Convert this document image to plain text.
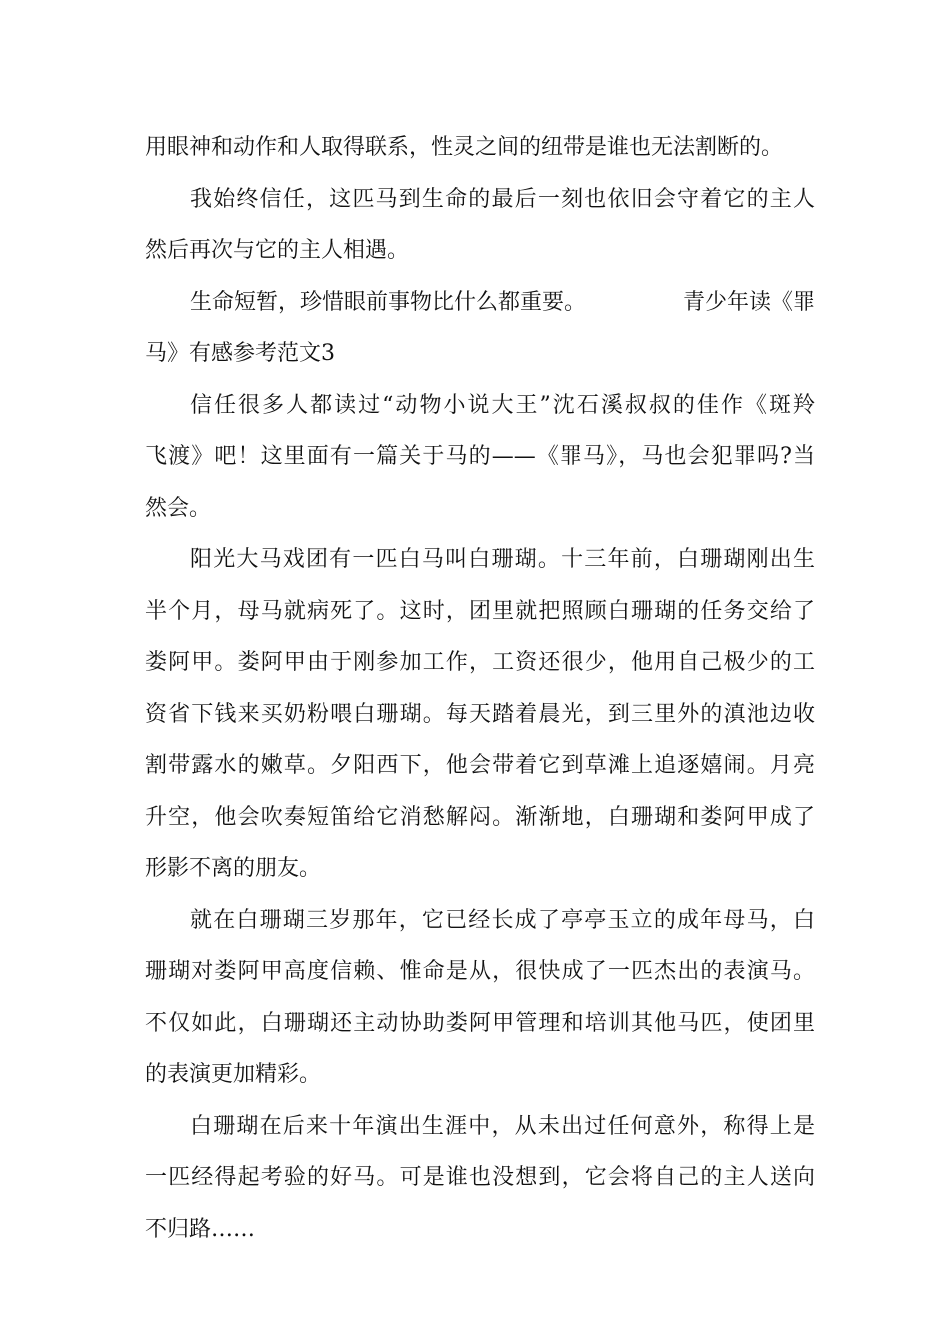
用眼神和动作和人取得联系，性灵之间的纽带是谁也无法割断的。
我始终信任，这匹马到生命的最后一刻也依旧会守着它的主人
然后再次与它的主人相遇。
生命短暂，珍惜眼前事物比什么都重要。	青少年读《罪
马》有感参考范文3
信任很多人都读过“动物小说大王”沈石溪叔叔的佳作《斑羚
飞渡》吧！这里面有一篇关于马的——《罪马》，马也会犯罪吗?当
然会。
阳光大马戏团有一匹白马叫白珊瑚。十三年前，白珊瑚刚出生
半个月，母马就病死了。这时，团里就把照顾白珊瑚的任务交给了
娄阿甲。娄阿甲由于刚参加工作，工资还很少，他用自己极少的工
资省下钱来买奶粉喂白珊瑚。每天踏着晨光，到三里外的滇池边收
割带露水的嫩草。夕阳西下，他会带着它到草滩上追逐嬉闹。月亮
升空，他会吹奏短笛给它消愁解闷。渐渐地，白珊瑚和娄阿甲成了
形影不离的朋友。
就在白珊瑚三岁那年，它已经长成了亭亭玉立的成年母马，白
珊瑚对娄阿甲高度信赖、惟命是从，很快成了一匹杰出的表演马。
不仅如此，白珊瑚还主动协助娄阿甲管理和培训其他马匹，使团里
的表演更加精彩。
白珊瑚在后来十年演出生涯中，从未出过任何意外，称得上是
一匹经得起考验的好马。可是谁也没想到，它会将自己的主人送向
不归路……
